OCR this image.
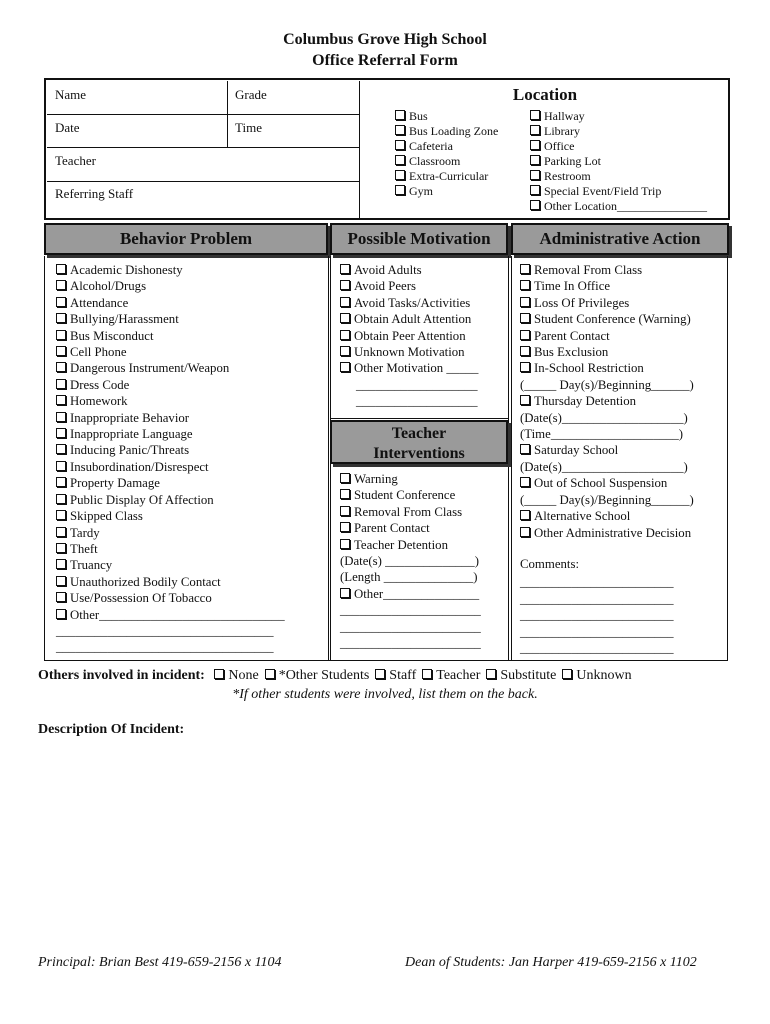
Columbus Grove High School
Office Referral Form
Name	Grade
Date	Time
Teacher
Referring Staff
Location
Bus
Bus Loading Zone
Cafeteria
Classroom
Extra-Curricular
Gym
Hallway
Library
Office
Parking Lot
Restroom
Special Event/Field Trip
Other Location_______________
Behavior Problem	Possible Motivation	Administrative Action
Academic Dishonesty
Alcohol/Drugs
Attendance
Bullying/Harassment
Bus Misconduct
Cell Phone
Dangerous Instrument/Weapon
Dress Code
Homework
Inappropriate Behavior
Inappropriate Language
Inducing Panic/Threats
Insubordination/Disrespect
Property Damage
Public Display Of Affection
Skipped Class
Tardy
Theft
Truancy
Unauthorized Bodily Contact
Use/Possession Of Tobacco
Other_____________________________
__________________________________
__________________________________
Avoid Adults
Avoid Peers
Avoid Tasks/Activities
Obtain Adult Attention
Obtain Peer Attention
Unknown Motivation
Other Motivation _____
___________________
___________________
Teacher
Interventions
Warning
Student Conference
Removal From Class
Parent Contact
Teacher Detention
(Date(s) ______________)
(Length ______________)
Other_______________
______________________
______________________
______________________
Removal From Class
Time In Office
Loss Of Privileges
Student Conference (Warning)
Parent Contact
Bus Exclusion
In-School Restriction
(_____ Day(s)/Beginning______)
Thursday Detention
(Date(s)___________________)
(Time____________________)
Saturday School
(Date(s)___________________)
Out of School Suspension
(_____ Day(s)/Beginning______)
Alternative School
Other Administrative Decision
Comments:
________________________
________________________
________________________
________________________
________________________
Others involved in incident: None *Other Students Staff Teacher Substitute Unknown
*If other students were involved, list them on the back.
Description Of Incident:
Principal: Brian Best 419-659-2156 x 1104	Dean of Students: Jan Harper 419-659-2156 x 1102
